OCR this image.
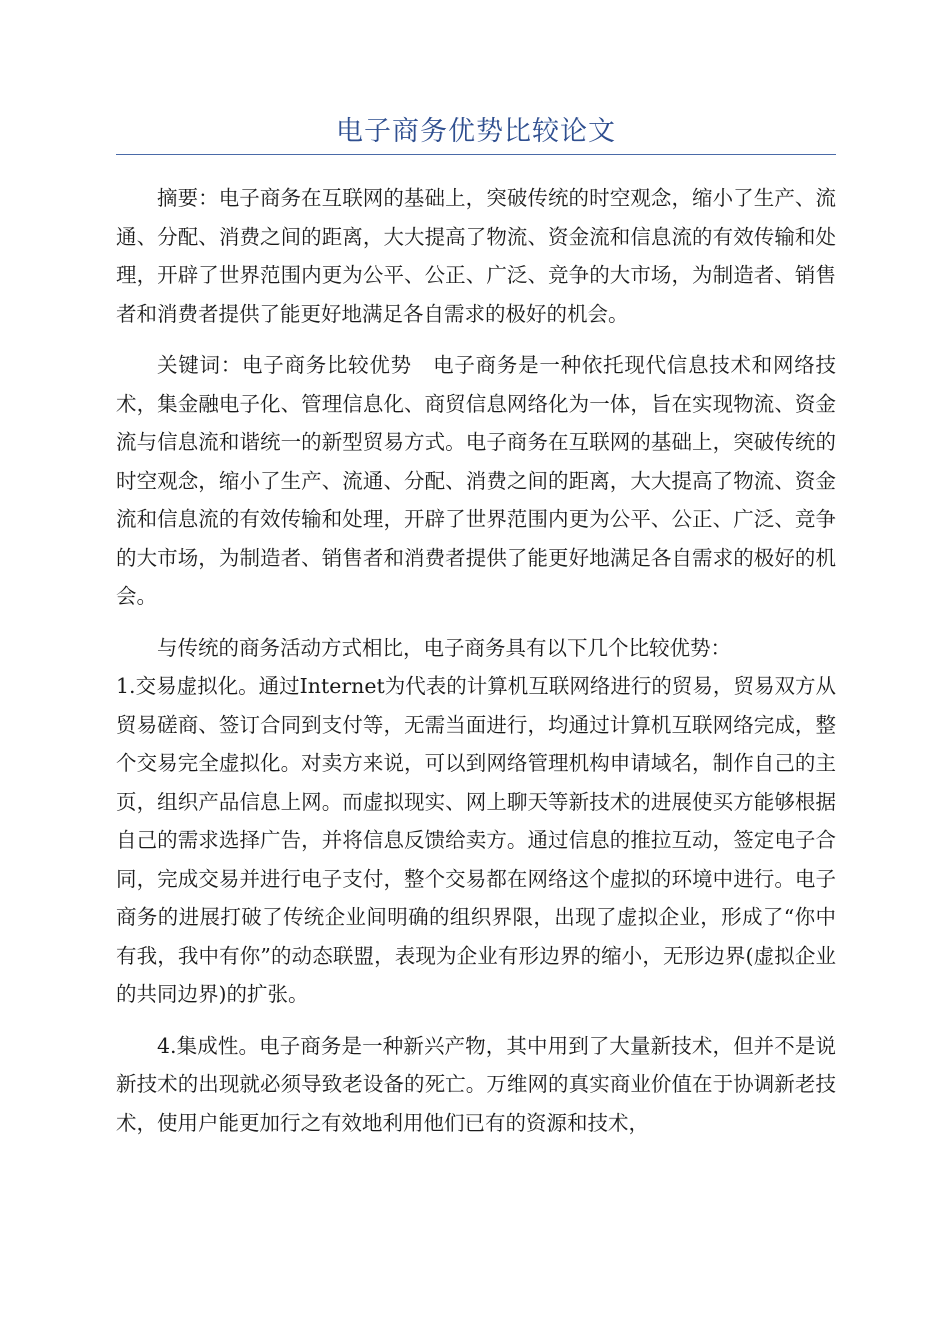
电子商务优势比较论文

摘要：电子商务在互联网的基础上，突破传统的时空观念，缩小了生产、流通、分配、消费之间的距离，大大提高了物流、资金流和信息流的有效传输和处理，开辟了世界范围内更为公平、公正、广泛、竞争的大市场，为制造者、销售者和消费者提供了能更好地满足各自需求的极好的机会。

关键词：电子商务比较优势　电子商务是一种依托现代信息技术和网络技术，集金融电子化、管理信息化、商贸信息网络化为一体，旨在实现物流、资金流与信息流和谐统一的新型贸易方式。电子商务在互联网的基础上，突破传统的时空观念，缩小了生产、流通、分配、消费之间的距离，大大提高了物流、资金流和信息流的有效传输和处理，开辟了世界范围内更为公平、公正、广泛、竞争的大市场，为制造者、销售者和消费者提供了能更好地满足各自需求的极好的机会。

与传统的商务活动方式相比，电子商务具有以下几个比较优势：

1.交易虚拟化。通过Internet为代表的计算机互联网络进行的贸易，贸易双方从贸易磋商、签订合同到支付等，无需当面进行，均通过计算机互联网络完成，整个交易完全虚拟化。对卖方来说，可以到网络管理机构申请域名，制作自己的主页，组织产品信息上网。而虚拟现实、网上聊天等新技术的进展使买方能够根据自己的需求选择广告，并将信息反馈给卖方。通过信息的推拉互动，签定电子合同，完成交易并进行电子支付，整个交易都在网络这个虚拟的环境中进行。电子商务的进展打破了传统企业间明确的组织界限，出现了虚拟企业，形成了“你中有我，我中有你”的动态联盟，表现为企业有形边界的缩小，无形边界(虚拟企业的共同边界)的扩张。

4.集成性。电子商务是一种新兴产物，其中用到了大量新技术，但并不是说新技术的出现就必须导致老设备的死亡。万维网的真实商业价值在于协调新老技术，使用户能更加行之有效地利用他们已有的资源和技术，
